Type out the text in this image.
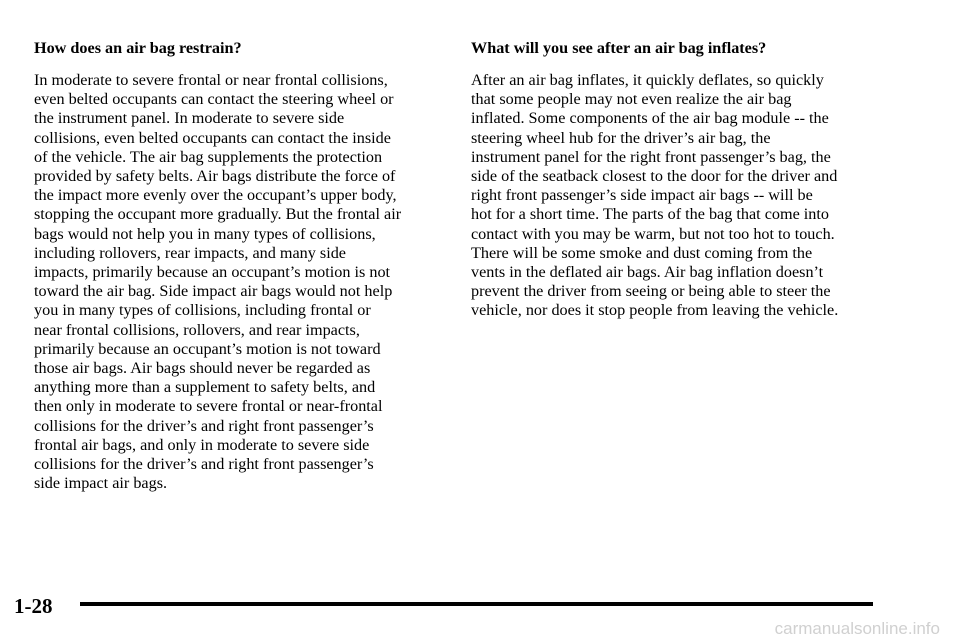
How does an air bag restrain?
In moderate to severe frontal or near frontal collisions,
even belted occupants can contact the steering wheel or
the instrument panel. In moderate to severe side
collisions, even belted occupants can contact the inside
of the vehicle. The air bag supplements the protection
provided by safety belts. Air bags distribute the force of
the impact more evenly over the occupant’s upper body,
stopping the occupant more gradually. But the frontal air
bags would not help you in many types of collisions,
including rollovers, rear impacts, and many side
impacts, primarily because an occupant’s motion is not
toward the air bag. Side impact air bags would not help
you in many types of collisions, including frontal or
near frontal collisions, rollovers, and rear impacts,
primarily because an occupant’s motion is not toward
those air bags. Air bags should never be regarded as
anything more than a supplement to safety belts, and
then only in moderate to severe frontal or near-frontal
collisions for the driver’s and right front passenger’s
frontal air bags, and only in moderate to severe side
collisions for the driver’s and right front passenger’s
side impact air bags.
What will you see after an air bag inflates?
After an air bag inflates, it quickly deflates, so quickly
that some people may not even realize the air bag
inflated. Some components of the air bag module -- the
steering wheel hub for the driver’s air bag, the
instrument panel for the right front passenger’s bag, the
side of the seatback closest to the door for the driver and
right front passenger’s side impact air bags -- will be
hot for a short time. The parts of the bag that come into
contact with you may be warm, but not too hot to touch.
There will be some smoke and dust coming from the
vents in the deflated air bags. Air bag inflation doesn’t
prevent the driver from seeing or being able to steer the
vehicle, nor does it stop people from leaving the vehicle.
1-28
carmanualsonline.info
